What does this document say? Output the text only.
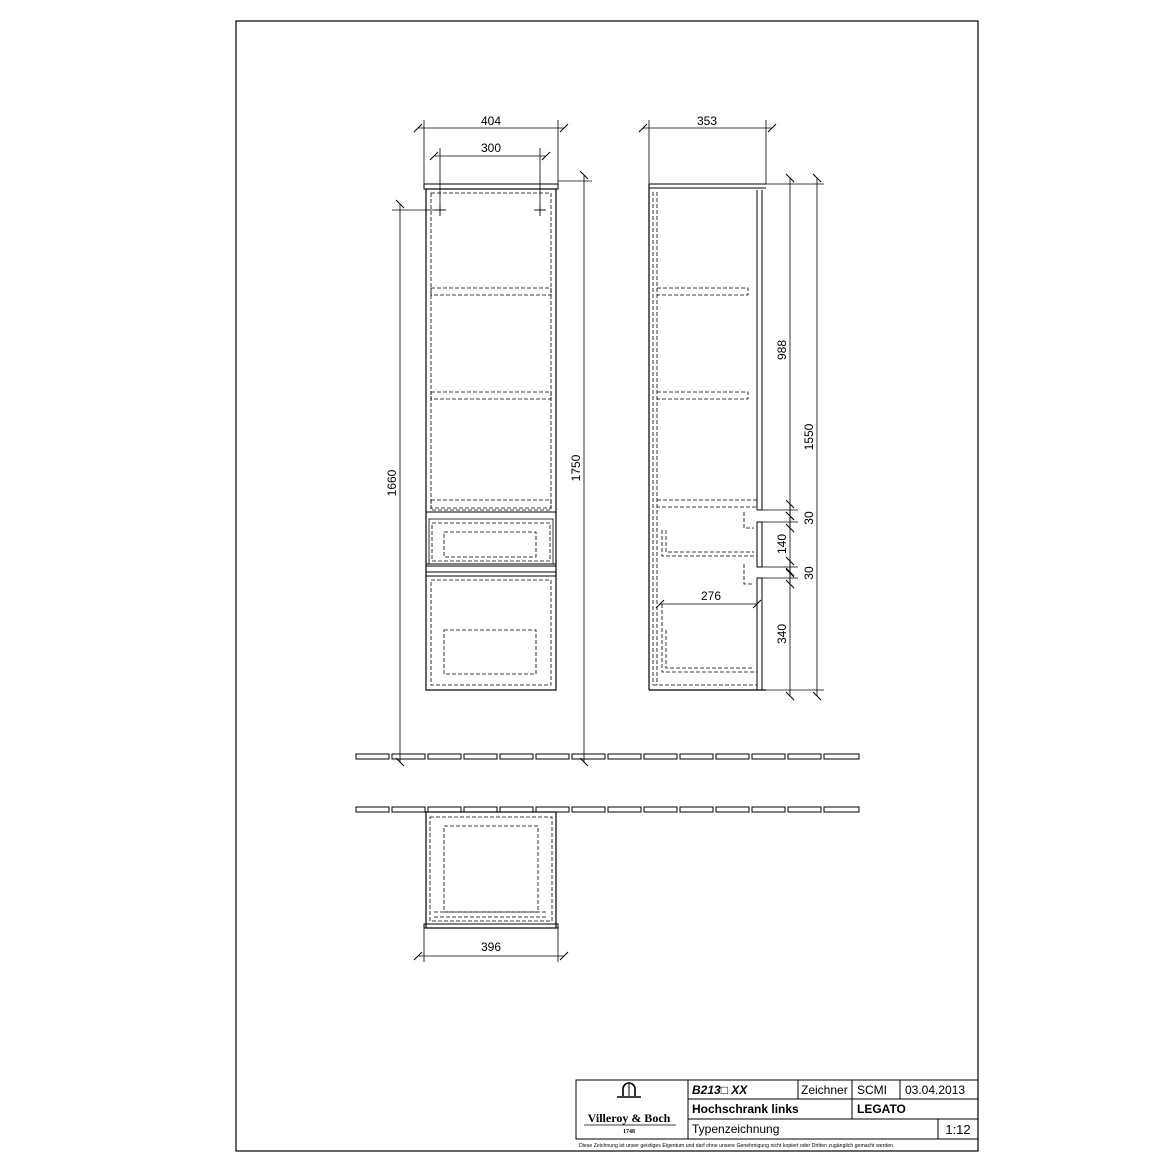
404
300
1660
1750
353
988
30
140
30
340
1550
276
396
Villeroy & Boch
1748
B213□ XX	Zeichner SCMI 03.04.2013
Hochschrank links	LEGATO
Typenzeichnung	1:12
Diese Zeichnung ist unser geistiges Eigentum und darf ohne unsere Genehmigung nicht kopiert oder Dritten zugänglich gemacht werden.
